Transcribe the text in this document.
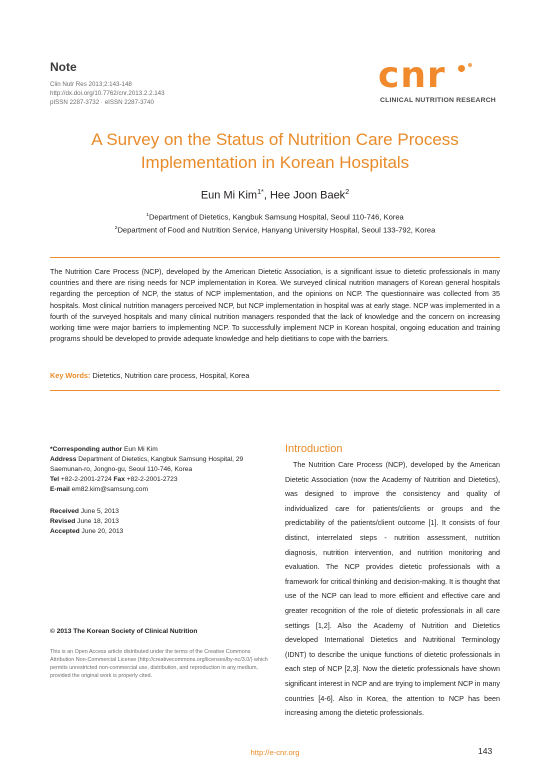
Note
Clin Nutr Res 2013;2:143-148
http://dx.doi.org/10.7762/cnr.2013.2.2.143
pISSN 2287-3732 · eISSN 2287-3740
cnr
CLINICAL NUTRITION RESEARCH
A Survey on the Status of Nutrition Care Process Implementation in Korean Hospitals
Eun Mi Kim$^{1*}$, Hee Joon Baek$^2$
$^1$Department of Dietetics, Kangbuk Samsung Hospital, Seoul 110-746, Korea
$^2$Department of Food and Nutrition Service, Hanyang University Hospital, Seoul 133-792, Korea

The Nutrition Care Process (NCP), developed by the American Dietetic Association, is a significant issue to dietetic professionals in many countries and there are rising needs for NCP implementation in Korea. We surveyed clinical nutrition managers of Korean general hospitals regarding the perception of NCP, the status of NCP implementation, and the opinions on NCP. The questionnaire was collected from 35 hospitals. Most clinical nutrition managers perceived NCP, but NCP implementation in hospital was at early stage. NCP was implemented in a fourth of the surveyed hospitals and many clinical nutrition managers responded that the lack of knowledge and the concern on increasing working time were major barriers to implementing NCP. To successfully implement NCP in Korean hospital, ongoing education and training programs should be developed to provide adequate knowledge and help dietitians to cope with the barriers.

Key Words: Dietetics, Nutrition care process, Hospital, Korea
*Corresponding author Eun Mi Kim
Address Department of Dietetics, Kangbuk Samsung Hospital, 29 Saemunan-ro, Jongno-gu, Seoul 110-746, Korea
Tel +82-2-2001-2724 Fax +82-2-2001-2723
E-mail em82.kim@samsung.com
Received June 5, 2013
Revised June 18, 2013
Accepted June 20, 2013
© 2013 The Korean Society of Clinical Nutrition

This is an Open Access article distributed under the terms of the Creative Commons Attribution Non-Commercial License (http://creativecommons.org/licenses/by-nc/3.0/) which permits unrestricted non-commercial use, distribution, and reproduction in any medium, provided the original work is properly cited.

Introduction

The Nutrition Care Process (NCP), developed by the American Dietetic Association (now the Academy of Nutrition and Dietetics), was designed to improve the consistency and quality of individualized care for patients/clients or groups and the predictability of the patients/client outcome [1]. It consists of four distinct, interrelated steps - nutrition assessment, nutrition diagnosis, nutrition intervention, and nutrition monitoring and evaluation. The NCP provides dietetic professionals with a framework for critical thinking and decision-making. It is thought that use of the NCP can lead to more efficient and effective care and greater recognition of the role of dietetic professionals in all care settings [1,2]. Also the Academy of Nutrition and Dietetics developed International Dietetics and Nutritional Terminology (IDNT) to describe the unique functions of dietetic professionals in each step of NCP [2,3]. Now the dietetic professionals have shown significant interest in NCP and are trying to implement NCP in many countries [4-6]. Also in Korea, the attention to NCP has been increasing among the dietetic professionals.

http://e-cnr.org	143
